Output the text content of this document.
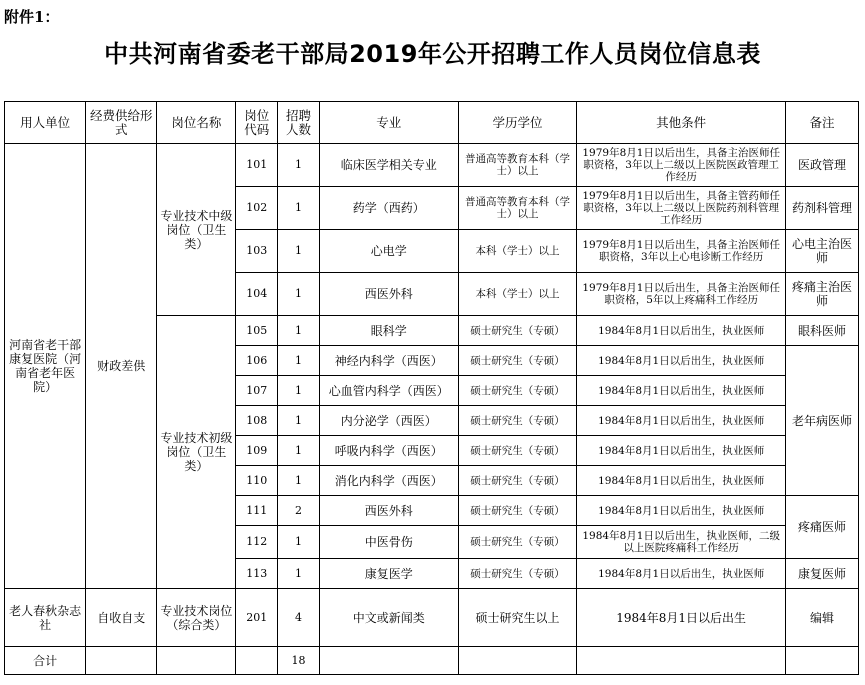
附件1：
中共河南省委老干部局2019年公开招聘工作人员岗位信息表
用人单位	经费供给形式	岗位名称	岗位代码	招聘人数	专业	学历学位	其他条件	备注
河南省老干部康复医院（河南省老年医院）	财政差供	专业技术中级岗位（卫生类）	101	1	临床医学相关专业	普通高等教育本科（学士）以上	1979年8月1日以后出生，具备主治医师任职资格，3年以上二级以上医院医政管理工作经历	医政管理
			102	1	药学（西药）	普通高等教育本科（学士）以上	1979年8月1日以后出生，具备主管药师任职资格，3年以上二级以上医院药剂科管理工作经历	药剂科管理
			103	1	心电学	本科（学士）以上	1979年8月1日以后出生，具备主治医师任职资格，3年以上心电诊断工作经历	心电主治医师
			104	1	西医外科	本科（学士）以上	1979年8月1日以后出生，具备主治医师任职资格，5年以上疼痛科工作经历	疼痛主治医师
		专业技术初级岗位（卫生类）	105	1	眼科学	硕士研究生（专硕）	1984年8月1日以后出生，执业医师	眼科医师
			106	1	神经内科学（西医）	硕士研究生（专硕）	1984年8月1日以后出生，执业医师	老年病医师
			107	1	心血管内科学（西医）	硕士研究生（专硕）	1984年8月1日以后出生，执业医师	
			108	1	内分泌学（西医）	硕士研究生（专硕）	1984年8月1日以后出生，执业医师	
			109	1	呼吸内科学（西医）	硕士研究生（专硕）	1984年8月1日以后出生，执业医师	
			110	1	消化内科学（西医）	硕士研究生（专硕）	1984年8月1日以后出生，执业医师	
			111	2	西医外科	硕士研究生（专硕）	1984年8月1日以后出生，执业医师	疼痛医师
			112	1	中医骨伤	硕士研究生（专硕）	1984年8月1日以后出生，执业医师，二级以上医院疼痛科工作经历	
			113	1	康复医学	硕士研究生（专硕）	1984年8月1日以后出生，执业医师	康复医师
老人春秋杂志社	自收自支	专业技术岗位（综合类）	201	4	中文或新闻类	硕士研究生以上	1984年8月1日以后出生	编辑
合计				18				
